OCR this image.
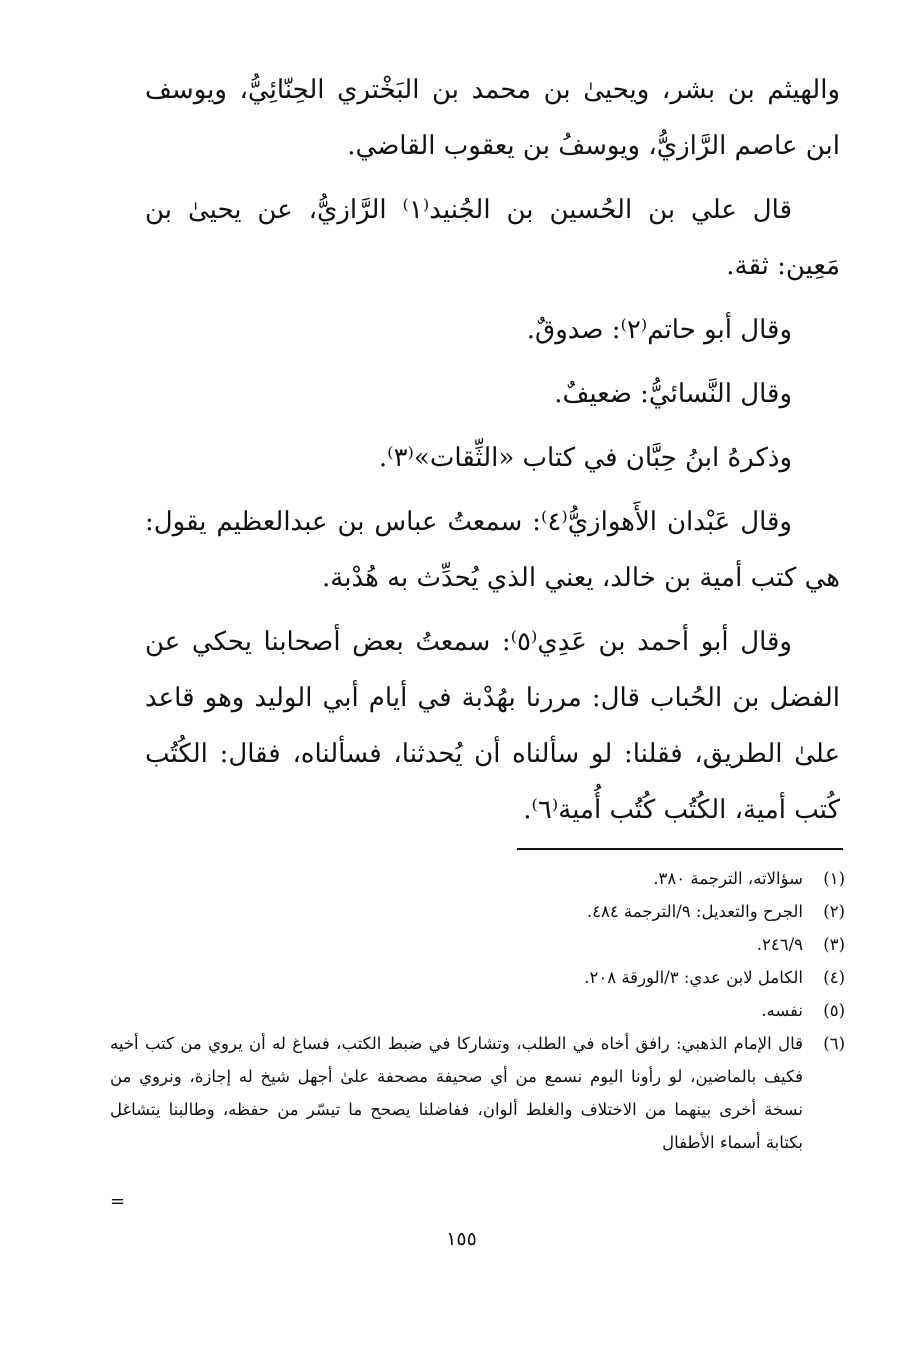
والهيثم بن بشر، ويحيىٰ بن محمد بن البَخْتري الحِنّائِيُّ، ويوسف ابن عاصم الرَّازيُّ، ويوسفُ بن يعقوب القاضي.

قال علي بن الحُسين بن الجُنيد⁽١⁾ الرَّازيُّ، عن يحيىٰ بن مَعِين: ثقة.

وقال أبو حاتم⁽٢⁾: صدوقٌ.

وقال النَّسائيُّ: ضعيفٌ.

وذكرهُ ابنُ حِبَّان في كتاب «الثِّقات»⁽٣⁾.

وقال عَبْدان الأَهوازيُّ⁽٤⁾: سمعتُ عباس بن عبدالعظيم يقول: هي كتب أمية بن خالد، يعني الذي يُحدِّث به هُدْبة.

وقال أبو أحمد بن عَدِي⁽٥⁾: سمعتُ بعض أصحابنا يحكي عن الفضل بن الحُباب قال: مررنا بهُدْبة في أيام أبي الوليد وهو قاعد علىٰ الطريق، فقلنا: لو سألناه أن يُحدثنا، فسألناه، فقال: الكُتُب كُتب أمية، الكُتُب كُتُب أُمية⁽٦⁾.

(١)
سؤالاته، الترجمة ٣٨٠.
(٢)
الجرح والتعديل: ٩/الترجمة ٤٨٤.
(٣)
٢٤٦/٩.
(٤)
الكامل لابن عدي: ٣/الورقة ٢٠٨.
(٥)
نفسه.
(٦)
قال الإمام الذهبي: رافق أخاه في الطلب، وتشاركا في ضبط الكتب، فساغ له أن يروي من كتب أخيه فكيف بالماضين، لو رأونا اليوم نسمع من أي صحيفة مصحفة علىٰ أجهل شيخ له إجازة، ونروي من نسخة أخرى بينهما من الاختلاف والغلط ألوان، ففاضلنا يصحح ما تيسّر من حفظه، وطالبنا يتشاغل بكتابة أسماء الأطفال
=
١٥٥
